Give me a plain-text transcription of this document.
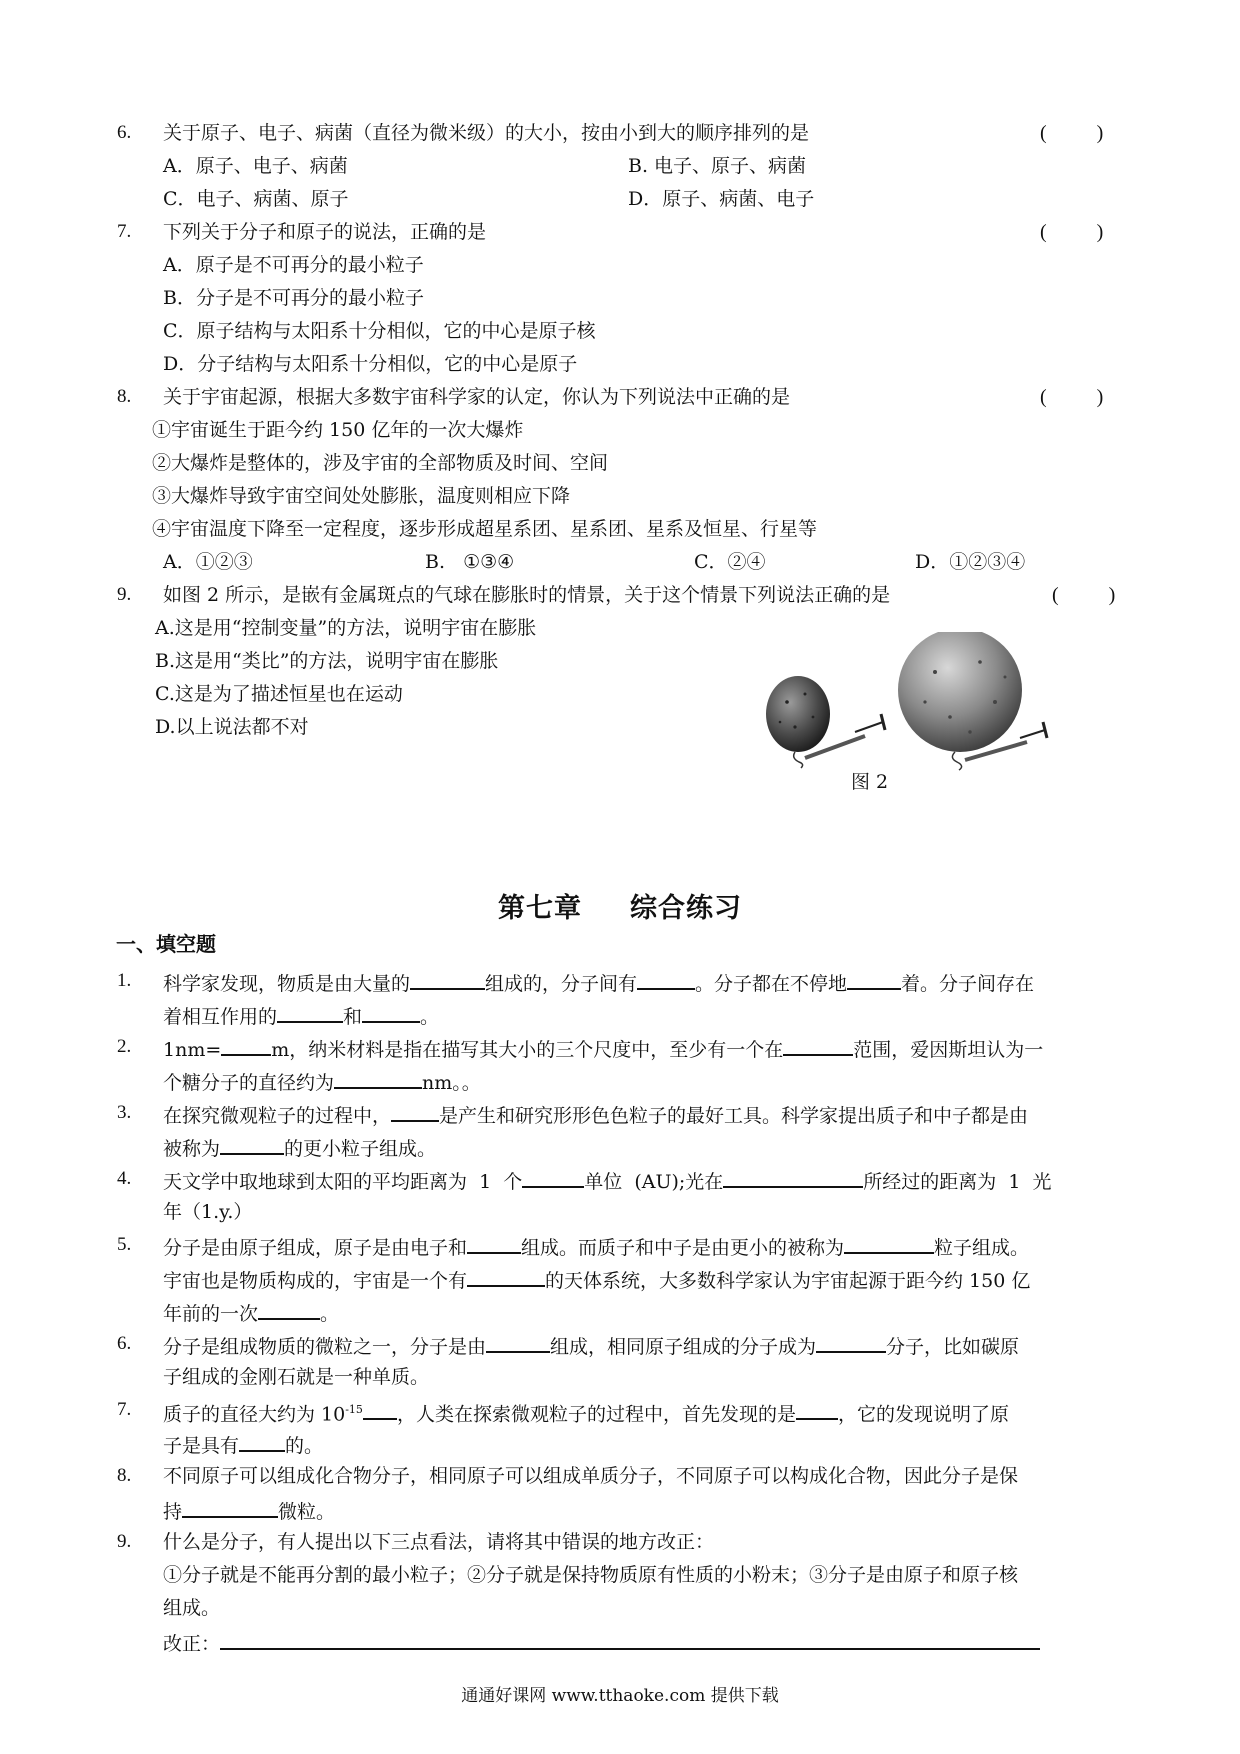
6. 关于原子、电子、病菌（直径为微米级）的大小，按由小到大的顺序排列的是	(          )
A．原子、电子、病菌	B. 电子、原子、病菌
C．电子、病菌、原子	D．原子、病菌、电子
7. 下列关于分子和原子的说法，正确的是	(          )
A．原子是不可再分的最小粒子
B．分子是不可再分的最小粒子
C．原子结构与太阳系十分相似，它的中心是原子核
D．分子结构与太阳系十分相似，它的中心是原子
8. 关于宇宙起源，根据大多数宇宙科学家的认定，你认为下列说法中正确的是	(          )
①宇宙诞生于距今约 150 亿年的一次大爆炸
②大爆炸是整体的，涉及宇宙的全部物质及时间、空间
③大爆炸导致宇宙空间处处膨胀，温度则相应下降
④宇宙温度下降至一定程度，逐步形成超星系团、星系团、星系及恒星、行星等
A．①②③	B.   ①③④	C．②④	D．①②③④
9. 如图 2 所示，是嵌有金属斑点的气球在膨胀时的情景，关于这个情景下列说法正确的是	(          )
A.这是用“控制变量”的方法，说明宇宙在膨胀
B.这是用“类比”的方法，说明宇宙在膨胀
C.这是为了描述恒星也在运动
D.以上说法都不对
图 2
第七章 综合练习
一、填空题
1. 科学家发现，物质是由大量的	组成的，分子间有	。分子都在不停地	着。分子间存在
着相互作用的	和	。
2. 1nm=	m，纳米材料是指在描写其大小的三个尺度中，至少有一个在	范围，爱因斯坦认为一
个糖分子的直径约为	nm。。
3. 在探究微观粒子的过程中，	是产生和研究形形色色粒子的最好工具。科学家提出质子和中子都是由
被称为	的更小粒子组成。
4. 天文学中取地球到太阳的平均距离为  1  个	单位  (AU);光在	所经过的距离为  1  光
年（1.y.）
5. 分子是由原子组成，原子是由电子和	组成。而质子和中子是由更小的被称为	粒子组成。
宇宙也是物质构成的，宇宙是一个有	的天体系统，大多数科学家认为宇宙起源于距今约 150 亿
年前的一次	。
6. 分子是组成物质的微粒之一，分子是由	组成，相同原子组成的分子成为	分子，比如碳原
子组成的金刚石就是一种单质。
7. 质子的直径大约为 $10^{-15}$ ，人类在探索微观粒子的过程中，首先发现的是 ，它的发现说明了原
子是具有 的。
8. 不同原子可以组成化合物分子，相同原子可以组成单质分子，不同原子可以构成化合物，因此分子是保
持	微粒。
9. 什么是分子，有人提出以下三点看法，请将其中错误的地方改正：
①分子就是不能再分割的最小粒子；②分子就是保持物质原有性质的小粉末；③分子是由原子和原子核
组成。
改正：
通通好课网 www.tthaoke.com 提供下载
